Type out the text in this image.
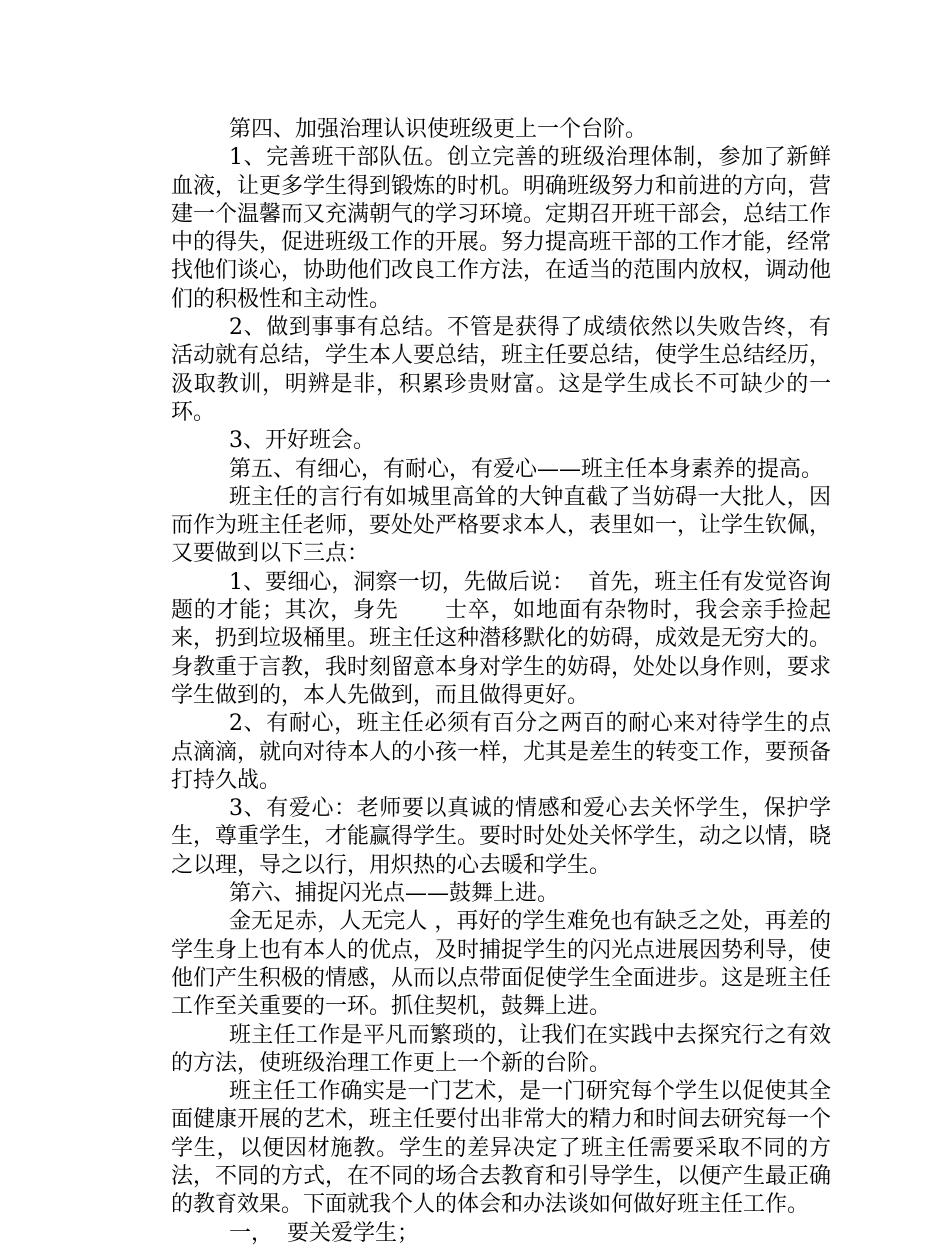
第四、加强治理认识使班级更上一个台阶。

1、完善班干部队伍。创立完善的班级治理体制，参加了新鲜血液，让更多学生得到锻炼的时机。明确班级努力和前进的方向，营建一个温馨而又充满朝气的学习环境。定期召开班干部会，总结工作中的得失，促进班级工作的开展。努力提高班干部的工作才能，经常找他们谈心，协助他们改良工作方法，在适当的范围内放权，调动他们的积极性和主动性。

2、做到事事有总结。不管是获得了成绩依然以失败告终，有活动就有总结，学生本人要总结，班主任要总结，使学生总结经历，汲取教训，明辨是非，积累珍贵财富。这是学生成长不可缺少的一环。

3、开好班会。

第五、有细心，有耐心，有爱心——班主任本身素养的提高。

班主任的言行有如城里高耸的大钟直截了当妨碍一大批人，因而作为班主任老师，要处处严格要求本人，表里如一，让学生钦佩，又要做到以下三点：

1、要细心，洞察一切，先做后说：  首先，班主任有发觉咨询题的才能；其次，身先      士卒，如地面有杂物时，我会亲手捡起来，扔到垃圾桶里。班主任这种潜移默化的妨碍，成效是无穷大的。身教重于言教，我时刻留意本身对学生的妨碍，处处以身作则，要求学生做到的，本人先做到，而且做得更好。

2、有耐心，班主任必须有百分之两百的耐心来对待学生的点点滴滴，就向对待本人的小孩一样，尤其是差生的转变工作，要预备打持久战。

3、有爱心：老师要以真诚的情感和爱心去关怀学生，保护学生，尊重学生，才能赢得学生。要时时处处关怀学生，动之以情，晓之以理，导之以行，用炽热的心去暖和学生。

第六、捕捉闪光点——鼓舞上进。

金无足赤，人无完人 ，再好的学生难免也有缺乏之处，再差的学生身上也有本人的优点，及时捕捉学生的闪光点进展因势利导，使他们产生积极的情感，从而以点带面促使学生全面进步。这是班主任工作至关重要的一环。抓住契机，鼓舞上进。

班主任工作是平凡而繁琐的，让我们在实践中去探究行之有效的方法，使班级治理工作更上一个新的台阶。

班主任工作确实是一门艺术，是一门研究每个学生以促使其全面健康开展的艺术，班主任要付出非常大的精力和时间去研究每一个学生，以便因材施教。学生的差异决定了班主任需要采取不同的方法，不同的方式，在不同的场合去教育和引导学生，以便产生最正确的教育效果。下面就我个人的体会和办法谈如何做好班主任工作。

一，  要关爱学生；
